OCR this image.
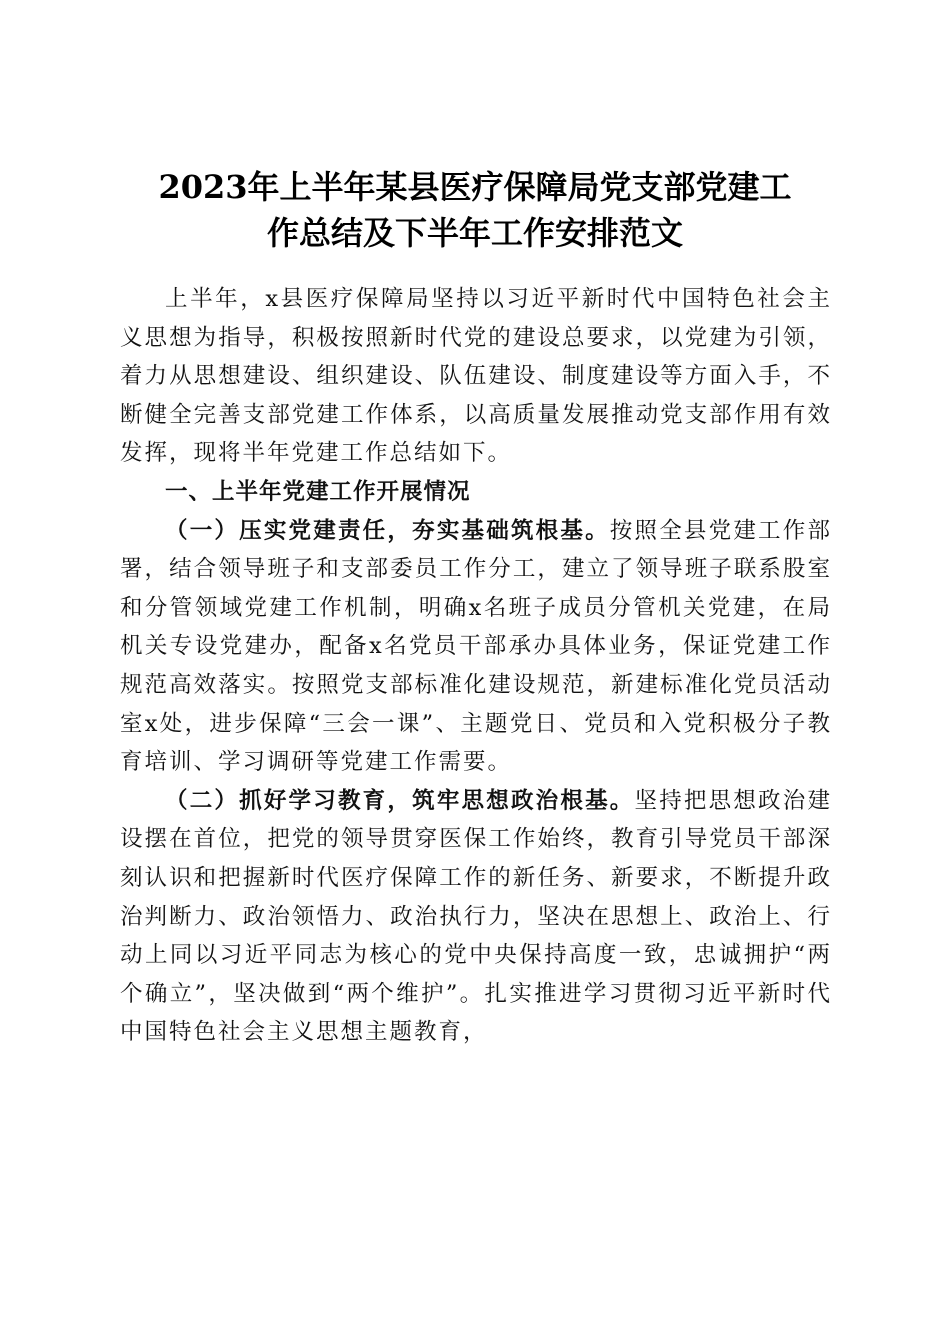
2023年上半年某县医疗保障局党支部党建工
作总结及下半年工作安排范文

上半年，x县医疗保障局坚持以习近平新时代中国特色社会主义思想为指导，积极按照新时代党的建设总要求，以党建为引领，着力从思想建设、组织建设、队伍建设、制度建设等方面入手，不断健全完善支部党建工作体系，以高质量发展推动党支部作用有效发挥，现将半年党建工作总结如下。

一、上半年党建工作开展情况

（一）压实党建责任，夯实基础筑根基。按照全县党建工作部署，结合领导班子和支部委员工作分工，建立了领导班子联系股室和分管领域党建工作机制，明确x名班子成员分管机关党建，在局机关专设党建办，配备x名党员干部承办具体业务，保证党建工作规范高效落实。按照党支部标准化建设规范，新建标准化党员活动室x处，进步保障“三会一课”、主题党日、党员和入党积极分子教育培训、学习调研等党建工作需要。

（二）抓好学习教育，筑牢思想政治根基。坚持把思想政治建设摆在首位，把党的领导贯穿医保工作始终，教育引导党员干部深刻认识和把握新时代医疗保障工作的新任务、新要求，不断提升政治判断力、政治领悟力、政治执行力，坚决在思想上、政治上、行动上同以习近平同志为核心的党中央保持高度一致，忠诚拥护“两个确立”，坚决做到“两个维护”。扎实推进学习贯彻习近平新时代中国特色社会主义思想主题教育，
